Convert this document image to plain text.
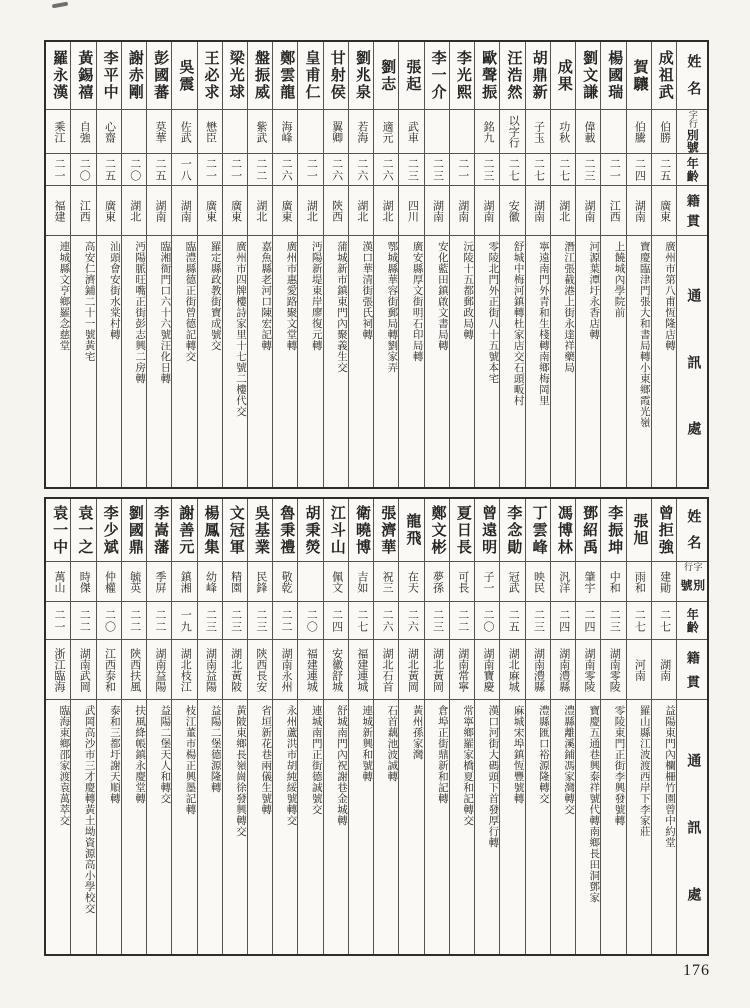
姓
名
字行
別號
年齡
籍
貫
通
訊
處
成祖武
伯勝
二五
廣東
廣州市第八甫恆隆店轉
賀驤
伯騰
二四
湖南
寶慶臨津門張大和書局轉小東鄉霞光嶺
楊國瑞
二一
江西
上饒城內學院前
劉文謙
偉載
二三
湖南
河源葉潭圩永香店轉
成果
功秋
二七
湖北
潛江張截港上街永達祥藥局
胡鼎新
子玉
二七
湖南
寧遠南門外青和生棧轉南鄉梅岡里
汪浩然
以字行
二七
安徽
舒城中梅河鎮轉杜家店交石頭畈村
歐聲振
銘九
二三
湖南
零陵北門外正街八十五號本宅
李光熙
二一
湖南
沅陵十五都郵政局轉
李一介
二三
湖南
安化藍田鎮啟文書局轉
張起
武車
二三
四川
廣安縣厚文街明石印局轉
劉志
適元
二六
湖北
鄂城縣華容街郵局轉劉家弄
劉兆泉
若海
二六
湖北
漢口華清街張氏祠轉
甘射侯
翼卿
二六
陝西
蒲城新市鎮東門內聚義生交
皇甫仁
二一
湖北
沔陽新堤東岸廖復元轉
鄭雲龍
海峰
二六
廣東
廣州市惠愛路聚文堂轉
盤振威
紫武
二二
湖北
嘉魚縣老河口陳宏記轉
梁光球
二一
廣東
廣州市四牌樓詩家里十七號二樓代交
王必求
懋臣
二一
廣東
羅定縣政教街寶成號交
吳震
佐武
一八
湖南
臨澧縣德正街曾德記轉交
彭國蕃
莫華
二五
湖南
臨湘衙門口六十六號汪化日轉
謝赤剛
二〇
湖北
沔陽脈旺嘴正街彭志興二房轉
李平中
心齋
二五
廣東
汕頭會安街水棠村轉
黃錫禧
自強
二〇
江西
高安仁濟鋪二十一號黃宅
羅永漢
乘江
二一
福建
連城縣文亨鄉羅念慈堂
姓
名
字行
別號
年齡
籍
貫
通
訊
處
曾拒強
建勛
二七
湖南
益陽東門內欄柵竹園曾中約堂
張旭
雨和
二七
河南
羅山縣江波渡西岸下李家莊
李振坤
中和
二三
湖南零陵
零陵東門正街李興發號轉
鄧紹禹
肇宇
二四
湖南零陵
寶慶五通巷興泰祥號代轉南鄉長田洞鄧家
馮博林
汎洋
二四
湖南澧縣
澧縣離溪鋪馮家灣轉交
丁雲峰
映民
二三
湖南澧縣
澧縣匯口裕源隆轉交
李念勛
冠武
二五
湖北麻城
麻城宋埠鎮恆豐號轉
曾遠明
子一
二〇
湖南寶慶
漢口河街大碼頭下首發厚行轉
夏日長
可長
二二
湖南常寧
常寧鄉羅家橋夏和記轉交
鄭文彬
夢孫
二三
湖北黃岡
倉埠正街鼎新和記轉
龍飛
在天
二六
湖北黃岡
黃州孫家灣
張濟華
祝三
二六
湖北石首
石首藕池波誠轉
衛曉博
吉如
二七
福建連城
連城新興和號轉
江斗山
佩文
二四
安徽舒城
舒城南門內祝謝巷金城轉
胡秉熒
二〇
福建連城
連城南門正街德誠號交
魯秉禮
敬乾
二二
湖南永州
永州蘆洪市胡純綏號轉交
吳基業
民鋒
二三
陝西長安
省垣新花巷兩儀生號轉
文冠軍
精園
二三
湖北黃陂
黃陂東鄉長嶺崗徐發興轉交
楊鳳集
幼峰
二三
湖南益陽
益陽二堡德源隆轉
謝善元
鎮湘
一九
湖北枝江
枝江董市楊正興墨記轉
李嵩藩
季屏
二二
湖南益陽
益陽二堡天人和轉交
劉國鼎
毓英
二二
陝西扶風
扶風絳帳鎮永慶堂轉
李少斌
仲權
二〇
江西泰和
泰和三都圩謝天順轉
袁一之
時傑
二二
湖南武岡
武岡高沙市三才慶轉黃土坳資源高小學校交
袁一中
萬山
二一
浙江臨海
臨海東鄉邵家渡袁萬萃交
176
